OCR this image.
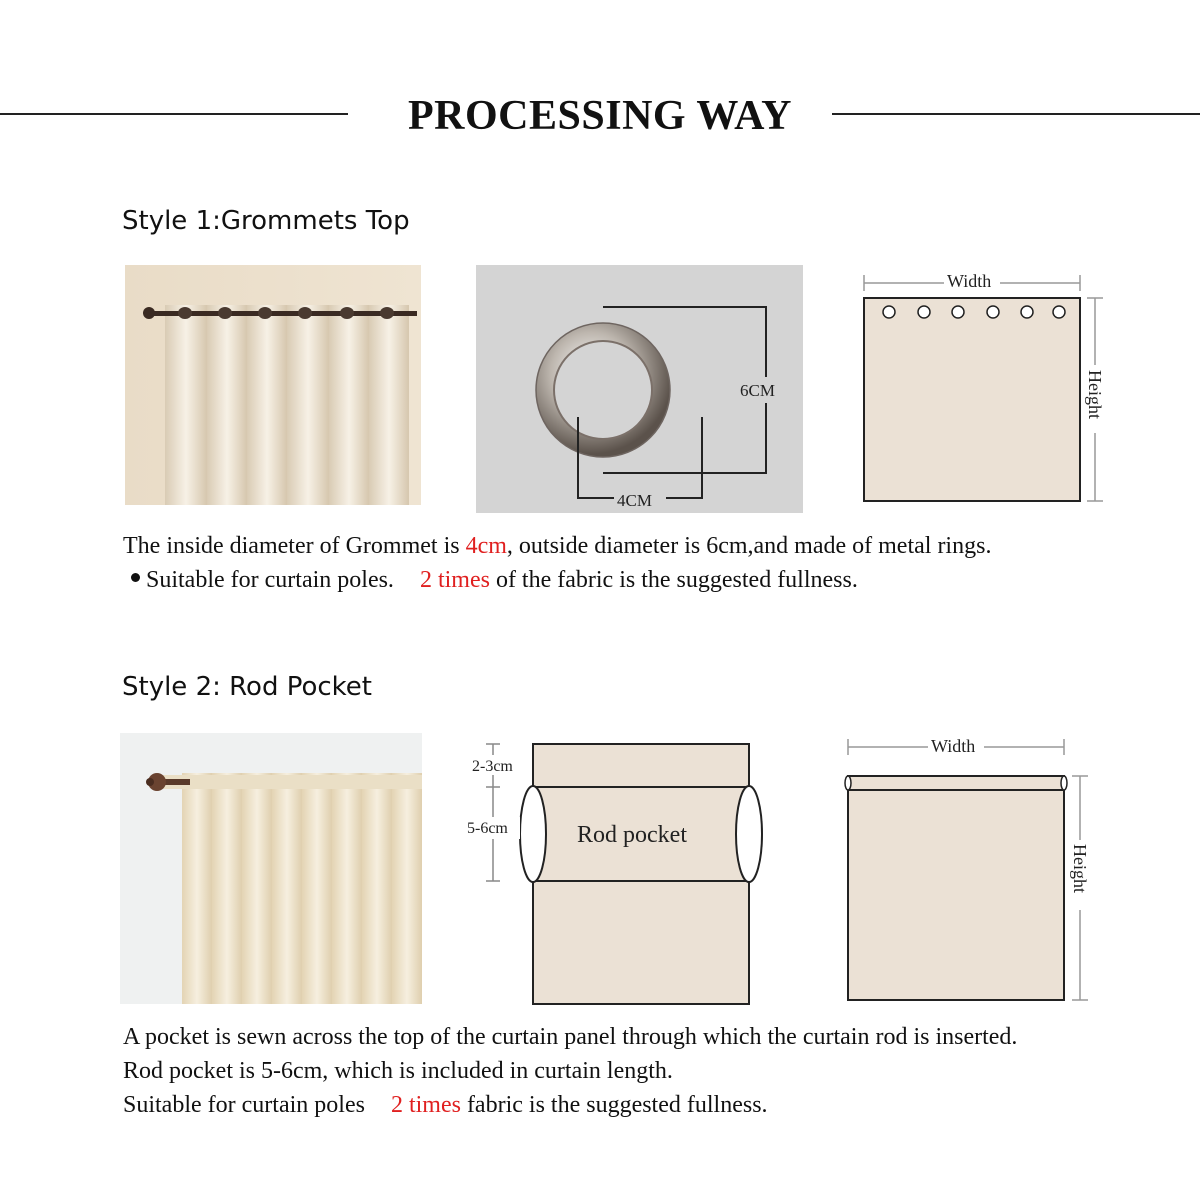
PROCESSING WAY
Style 1:Grommets Top
6CM
4CM
Width
Height
The inside diameter of Grommet is 4cm, outside diameter is 6cm,and made of metal rings.
Suitable for curtain poles. 2 times of the fabric is the suggested fullness.
Style 2: Rod Pocket
Rod pocket
2-3cm
5-6cm
Width
Height
A pocket is sewn across the top of the curtain panel through which the curtain rod is inserted.
Rod pocket is 5-6cm, which is included in curtain length.
Suitable for curtain poles 2 times fabric is the suggested fullness.
